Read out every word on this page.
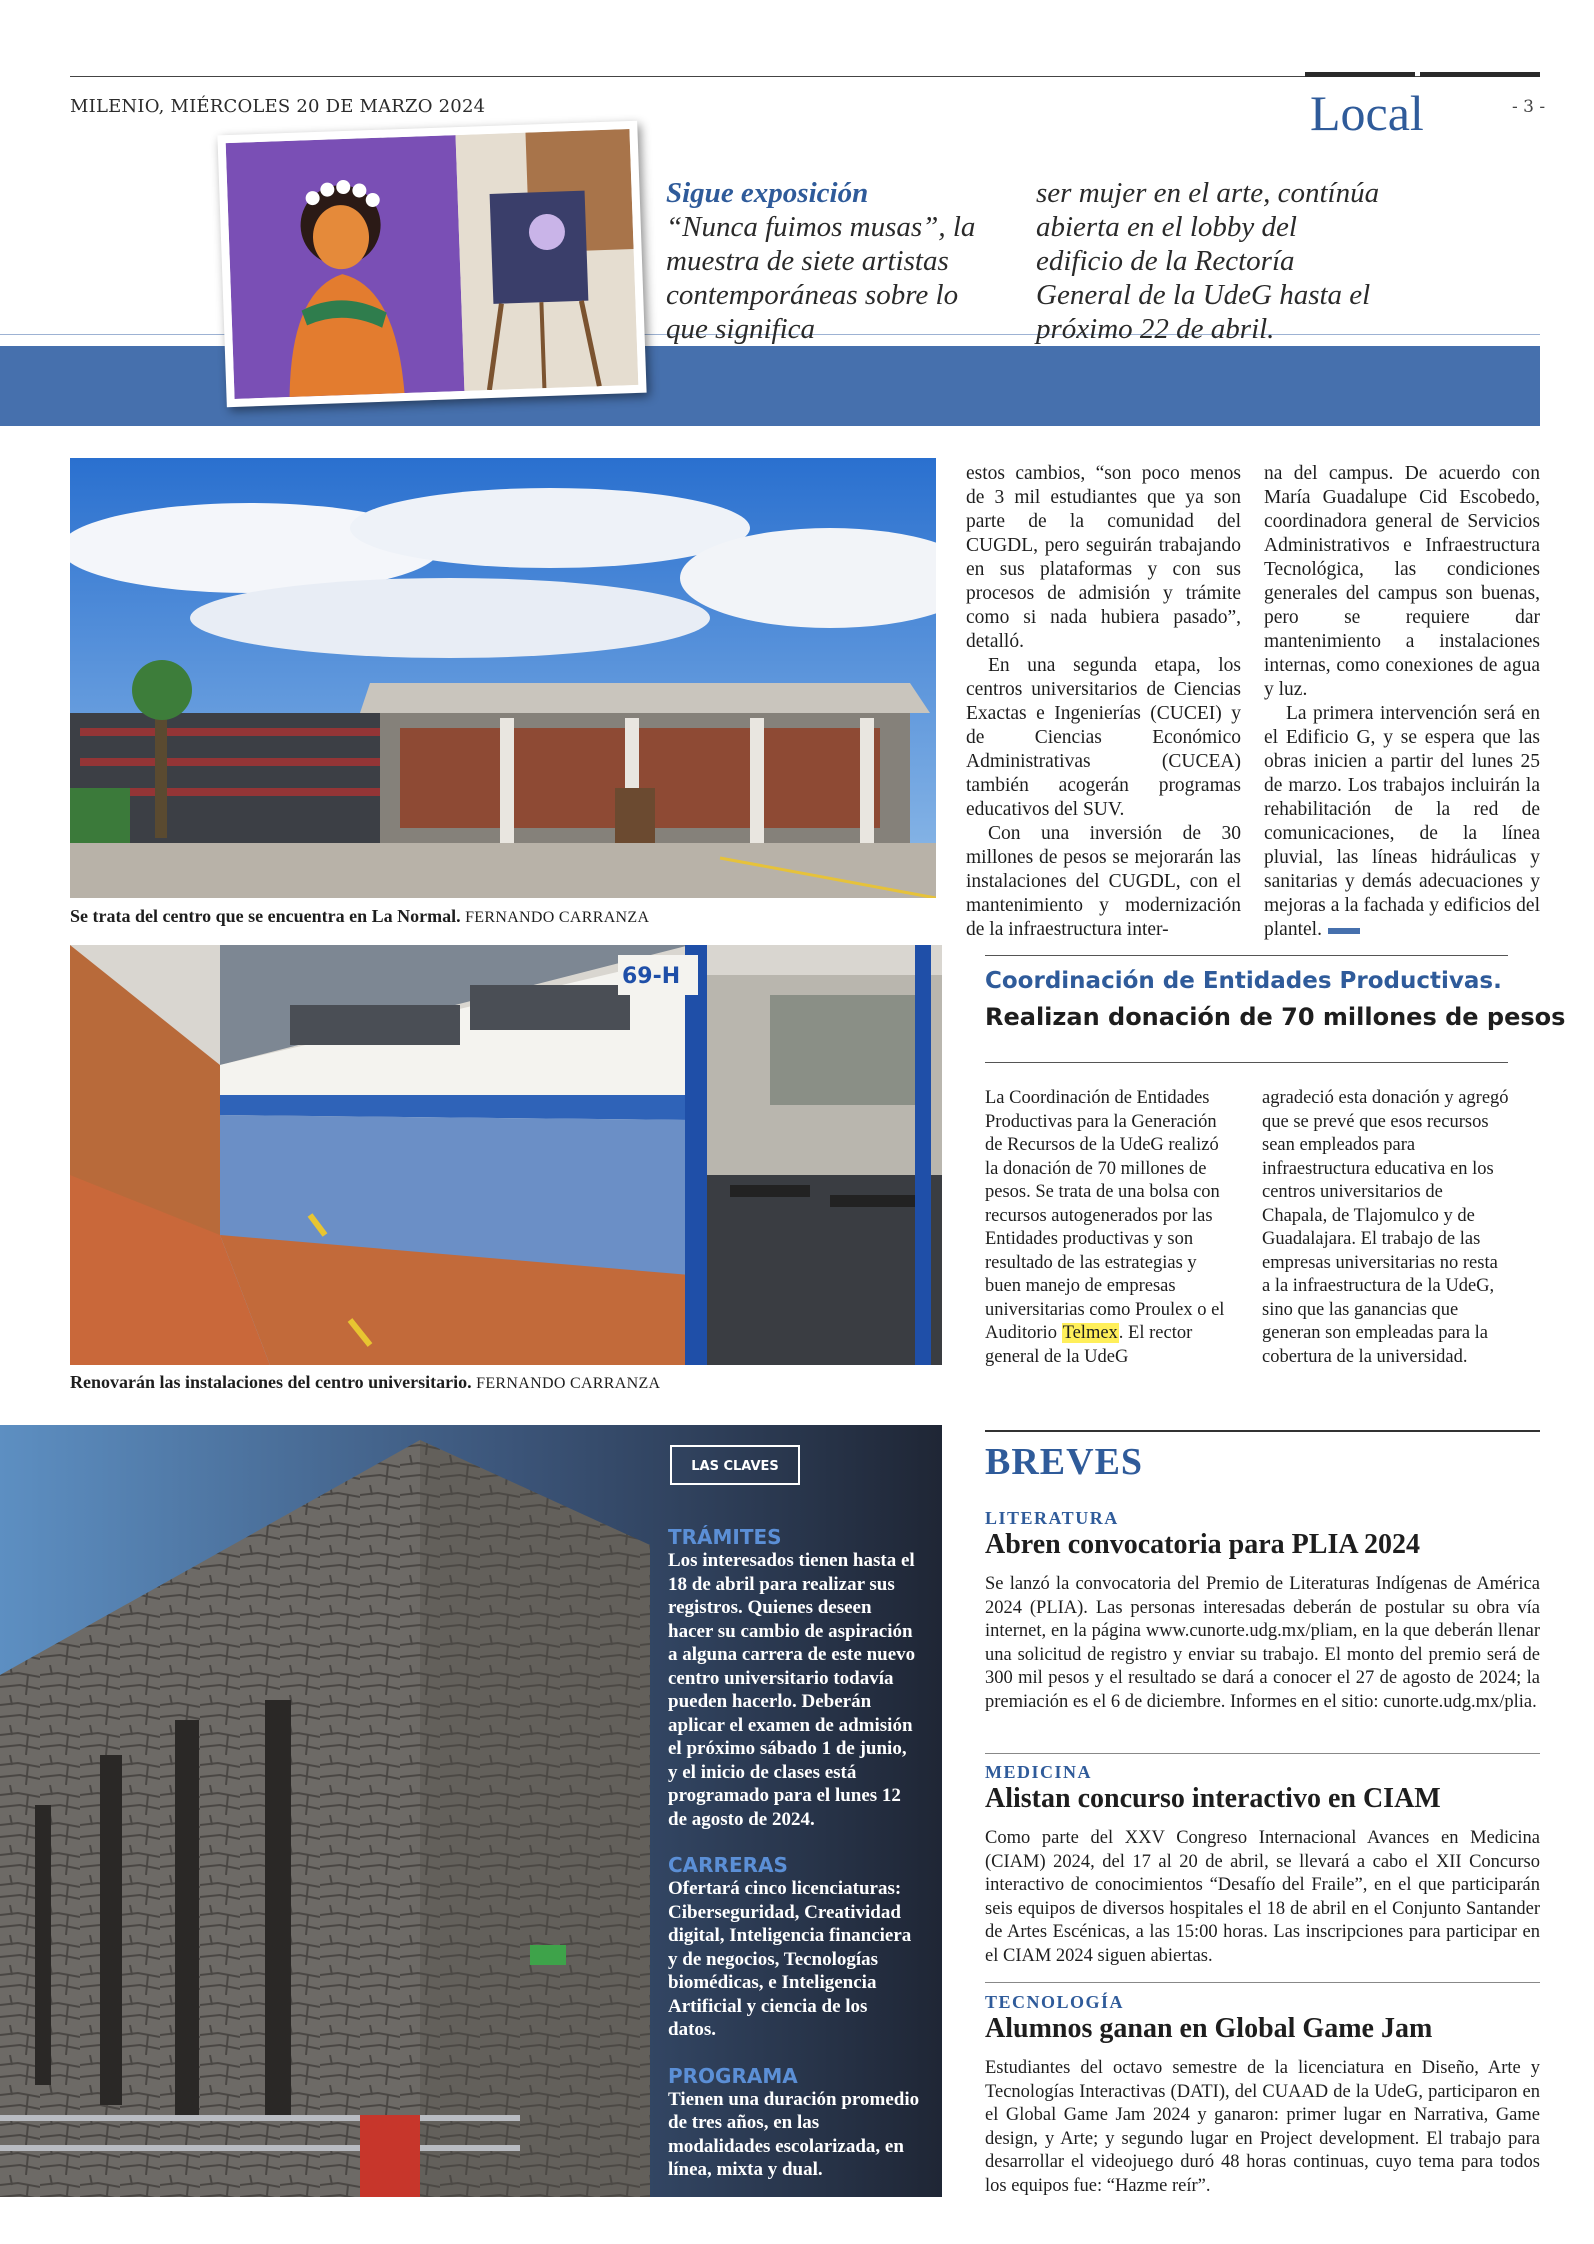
MILENIO, MIÉRCOLES 20 DE MARZO 2024	Local	- 3 -
Sigue exposición
“Nunca fuimos musas”, la muestra de siete artistas contemporáneas sobre lo que significa
ser mujer en el arte, contínúa abierta en el lobby del edificio de la Rectoría General de la UdeG hasta el próximo 22 de abril.
Se trata del centro que se encuentra en La Normal. FERNANDO CARRANZA

estos cambios, “son poco menos de 3 mil estudiantes que ya son parte de la comunidad del CUGDL, pero seguirán trabajando en sus plataformas y con sus procesos de admisión y trámite como si nada hubiera pasado”, detalló.

En una segunda etapa, los centros universitarios de Ciencias Exactas e Ingenierías (CUCEI) y de Ciencias Económico Administrativas (CUCEA) también acogerán programas educativos del SUV.

Con una inversión de 30 millones de pesos se mejorarán las instalaciones del CUGDL, con el mantenimiento y modernización de la infraestructura inter-

na del campus. De acuerdo con María Guadalupe Cid Escobedo, coordinadora general de Servicios Administrativos e Infraestructura Tecnológica, las condiciones generales del campus son buenas, pero se requiere dar mantenimiento a instalaciones internas, como conexiones de agua y luz.

La primera intervención será en el Edificio G, y se espera que las obras inicien a partir del lunes 25 de marzo. Los trabajos incluirán la rehabilitación de la red de comunicaciones, de la línea pluvial, las líneas hidráulicas y sanitarias y demás adecuaciones y mejoras a la fachada y edificios del plantel.

69-H
Renovarán las instalaciones del centro universitario. FERNANDO CARRANZA
Coordinación de Entidades Productivas.
Realizan donación de 70 millones de pesos
La Coordinación de Entidades Productivas para la Generación de Recursos de la UdeG realizó la donación de 70 millones de pesos. Se trata de una bolsa con recursos autogenerados por las Entidades productivas y son resultado de las estrategias y buen manejo de empresas universitarias como Proulex o el Auditorio Telmex. El rector general de la UdeG
agradeció esta donación y agregó que se prevé que esos recursos sean empleados para infraestructura educativa en los centros universitarios de Chapala, de Tlajomulco y de Guadalajara. El trabajo de las empresas universitarias no resta a la infraestructura de la UdeG, sino que las ganancias que generan son empleadas para la cobertura de la universidad.
LAS CLAVES
TRÁMITES
Los interesados tienen hasta el 18 de abril para realizar sus registros. Quienes deseen hacer su cambio de aspiración a alguna carrera de este nuevo centro universitario todavía pueden hacerlo. Deberán aplicar el examen de admisión el próximo sábado 1 de junio, y el inicio de clases está programado para el lunes 12 de agosto de 2024.
CARRERAS
Ofertará cinco licenciaturas: Ciberseguridad, Creatividad digital, Inteligencia financiera y de negocios, Tecnologías biomédicas, e Inteligencia Artificial y ciencia de los datos.
PROGRAMA
Tienen una duración promedio de tres años, en las modalidades escolarizada, en línea, mixta y dual.
BREVES
LITERATURA
Abren convocatoria para PLIA 2024
Se lanzó la convocatoria del Premio de Literaturas Indígenas de América 2024 (PLIA). Las personas interesadas deberán de postular su obra vía internet, en la página www.cunorte.udg.mx/pliam, en la que deberán llenar una solicitud de registro y enviar su trabajo. El monto del premio será de 300 mil pesos y el resultado se dará a conocer el 27 de agosto de 2024; la premiación es el 6 de diciembre. Informes en el sitio: cunorte.udg.mx/plia.
MEDICINA
Alistan concurso interactivo en CIAM
Como parte del XXV Congreso Internacional Avances en Medicina (CIAM) 2024, del 17 al 20 de abril, se llevará a cabo el XII Concurso interactivo de conocimientos “Desafío del Fraile”, en el que participarán seis equipos de diversos hospitales el 18 de abril en el Conjunto Santander de Artes Escénicas, a las 15:00 horas. Las inscripciones para participar en el CIAM 2024 siguen abiertas.
TECNOLOGÍA
Alumnos ganan en Global Game Jam
Estudiantes del octavo semestre de la licenciatura en Diseño, Arte y Tecnologías Interactivas (DATI), del CUAAD de la UdeG, participaron en el Global Game Jam 2024 y ganaron: primer lugar en Narrativa, Game design, y Arte; y segundo lugar en Project development. El trabajo para desarrollar el videojuego duró 48 horas continuas, cuyo tema para todos los equipos fue: “Hazme reír”.
